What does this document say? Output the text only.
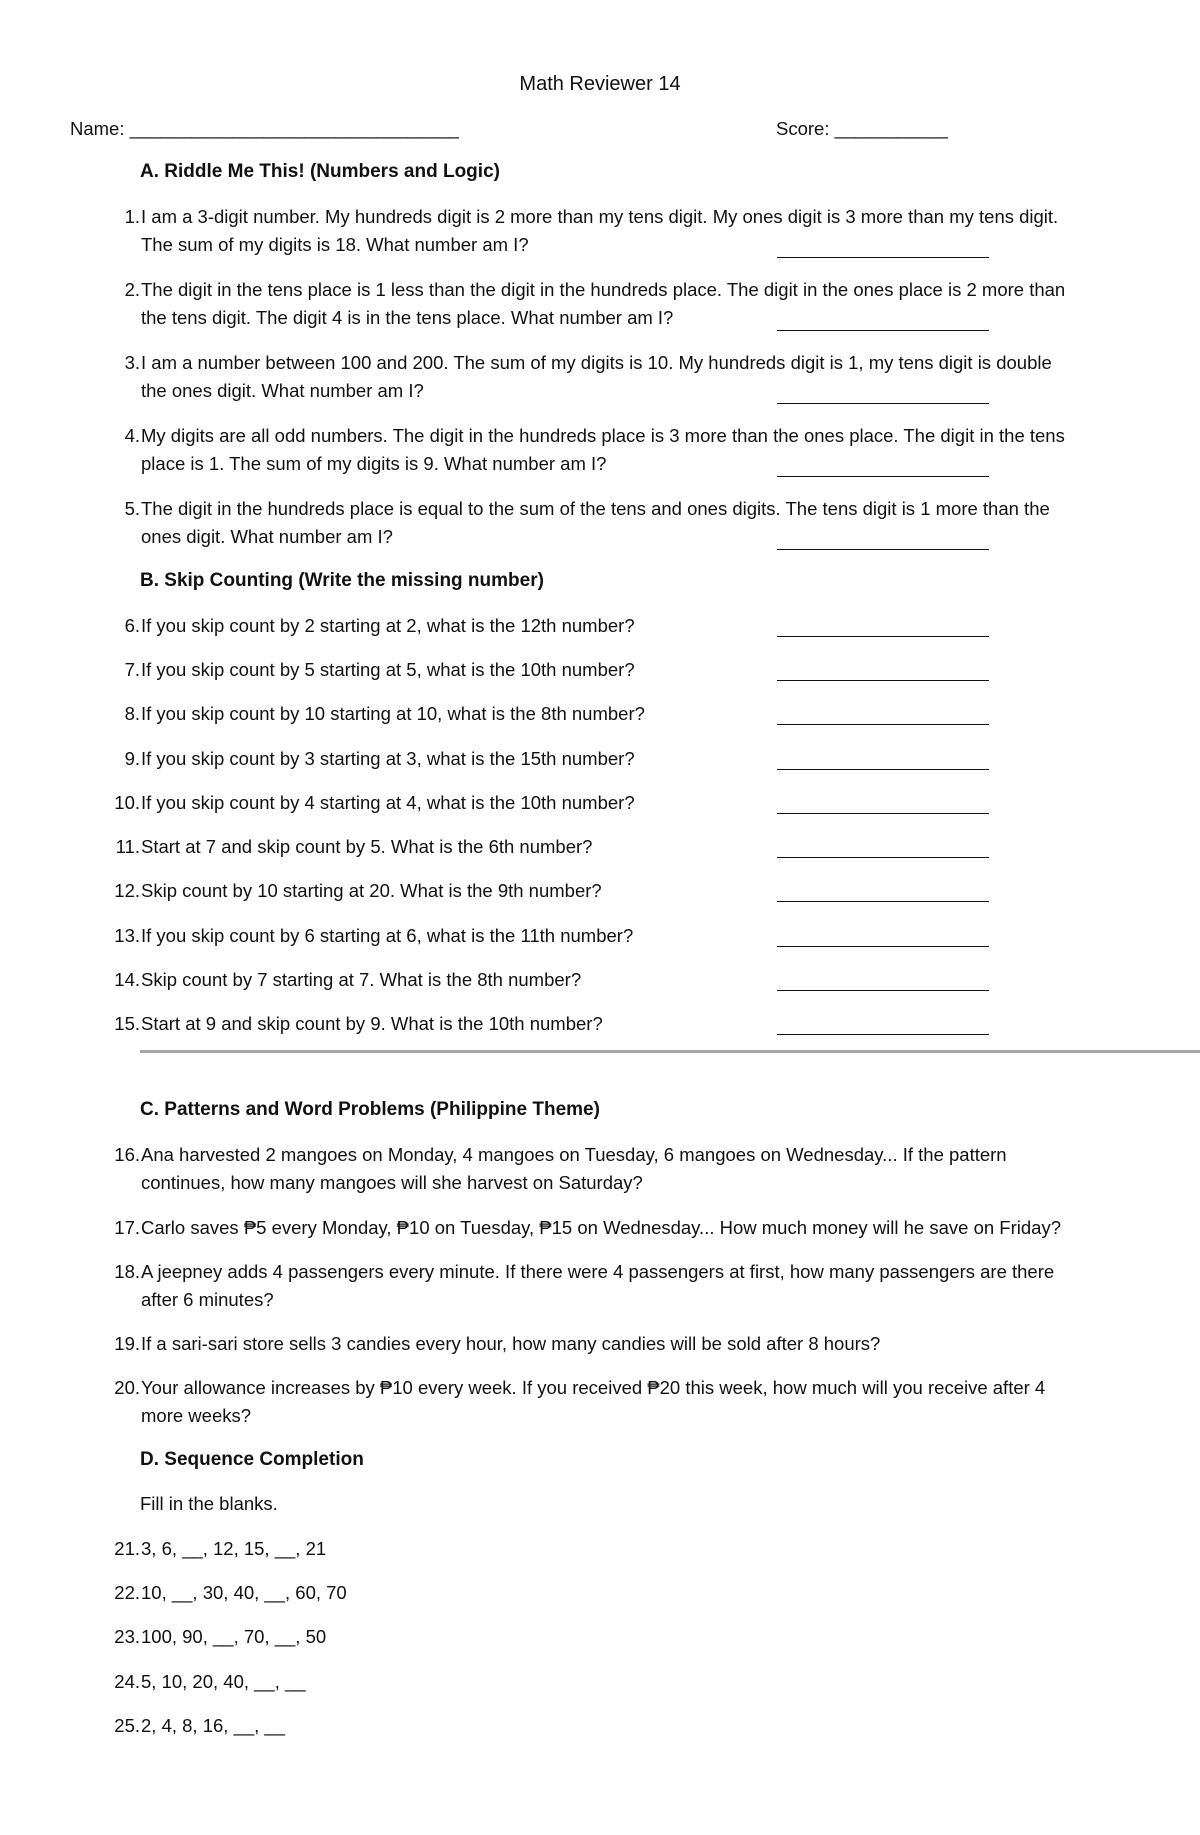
Math Reviewer 14
Name: ________________________________	Score: ___________
A. Riddle Me This! (Numbers and Logic)
1. I am a 3-digit number. My hundreds digit is 2 more than my tens digit. My ones digit is 3 more than my tens digit.
The sum of my digits is 18. What number am I?
2. The digit in the tens place is 1 less than the digit in the hundreds place. The digit in the ones place is 2 more than
the tens digit. The digit 4 is in the tens place. What number am I?
3. I am a number between 100 and 200. The sum of my digits is 10. My hundreds digit is 1, my tens digit is double
the ones digit. What number am I?
4. My digits are all odd numbers. The digit in the hundreds place is 3 more than the ones place. The digit in the tens
place is 1. The sum of my digits is 9. What number am I?
5. The digit in the hundreds place is equal to the sum of the tens and ones digits. The tens digit is 1 more than the
ones digit. What number am I?
B. Skip Counting (Write the missing number)
6. If you skip count by 2 starting at 2, what is the 12th number?
7. If you skip count by 5 starting at 5, what is the 10th number?
8. If you skip count by 10 starting at 10, what is the 8th number?
9. If you skip count by 3 starting at 3, what is the 15th number?
10. If you skip count by 4 starting at 4, what is the 10th number?
11. Start at 7 and skip count by 5. What is the 6th number?
12. Skip count by 10 starting at 20. What is the 9th number?
13. If you skip count by 6 starting at 6, what is the 11th number?
14. Skip count by 7 starting at 7. What is the 8th number?
15. Start at 9 and skip count by 9. What is the 10th number?
C. Patterns and Word Problems (Philippine Theme)
16. Ana harvested 2 mangoes on Monday, 4 mangoes on Tuesday, 6 mangoes on Wednesday... If the pattern
continues, how many mangoes will she harvest on Saturday?
17. Carlo saves ₱5 every Monday, ₱10 on Tuesday, ₱15 on Wednesday... How much money will he save on Friday?
18. A jeepney adds 4 passengers every minute. If there were 4 passengers at first, how many passengers are there
after 6 minutes?
19. If a sari-sari store sells 3 candies every hour, how many candies will be sold after 8 hours?
20. Your allowance increases by ₱10 every week. If you received ₱20 this week, how much will you receive after 4
more weeks?
D. Sequence Completion
Fill in the blanks.
21. 3, 6, __, 12, 15, __, 21
22. 10, __, 30, 40, __, 60, 70
23. 100, 90, __, 70, __, 50
24. 5, 10, 20, 40, __, __
25. 2, 4, 8, 16, __, __
